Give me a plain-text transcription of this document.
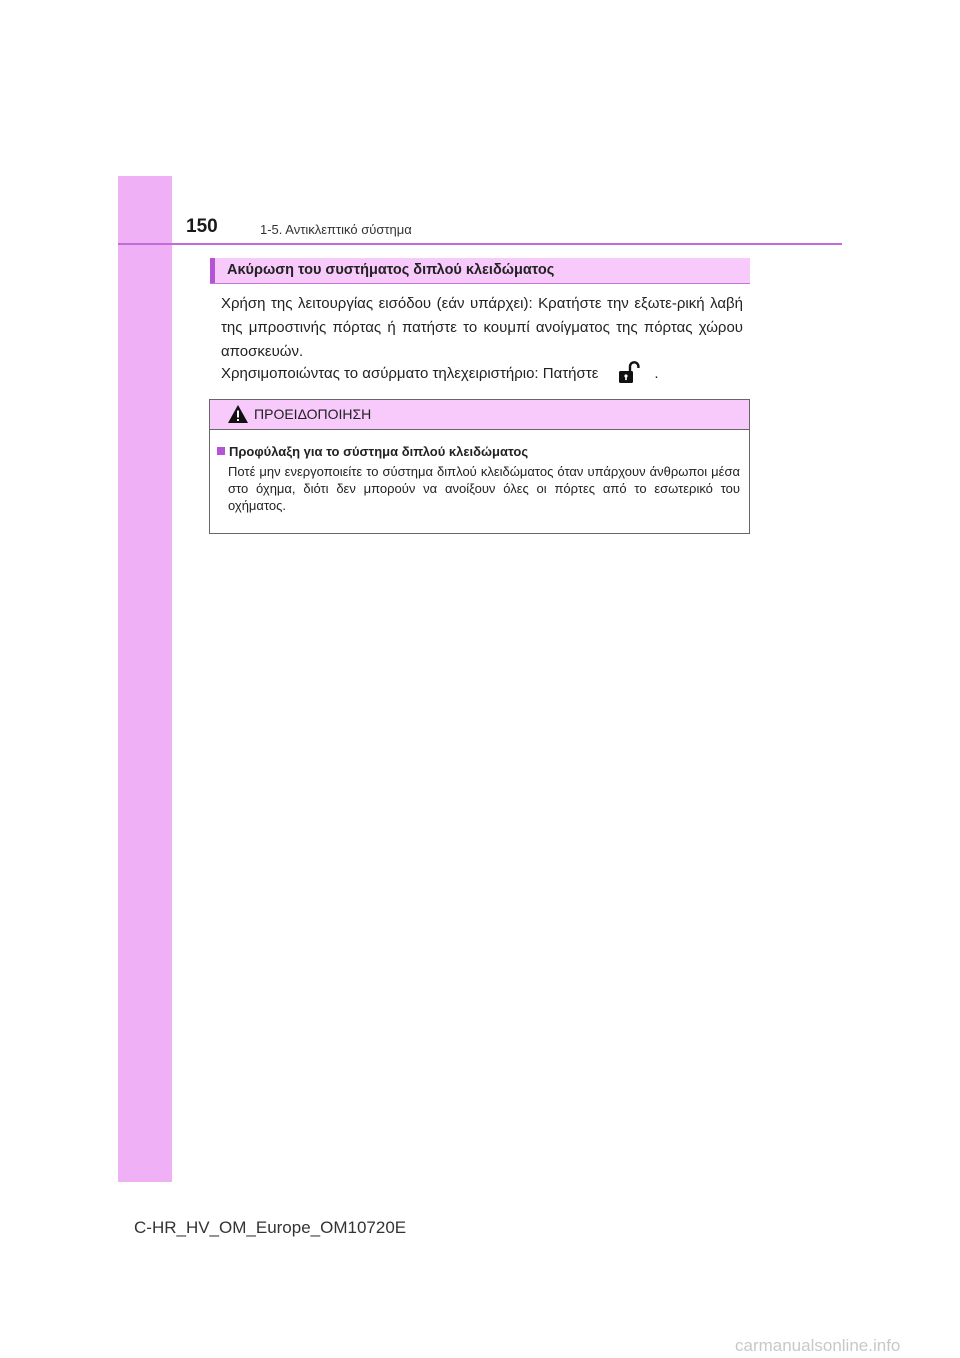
150	1-5. Αντικλεπτικό σύστημα
Ακύρωση του συστήματος διπλού κλειδώματος
Χρήση της λειτουργίας εισόδου (εάν υπάρχει): Κρατήστε την εξωτε-ρική λαβή της μπροστινής πόρτας ή πατήστε το κουμπί ανοίγματος της πόρτας χώρου αποσκευών.
Χρησιμοποιώντας το ασύρματο τηλεχειριστήριο: Πατήστε	.
ΠΡΟΕΙΔΟΠΟΙΗΣΗ
Προφύλαξη για το σύστημα διπλού κλειδώματος
Ποτέ μην ενεργοποιείτε το σύστημα διπλού κλειδώματος όταν υπάρχουν άνθρωποι μέσα στο όχημα, διότι δεν μπορούν να ανοίξουν όλες οι πόρτες από το εσωτερικό του οχήματος.
C-HR_HV_OM_Europe_OM10720E
carmanualsonline.info
